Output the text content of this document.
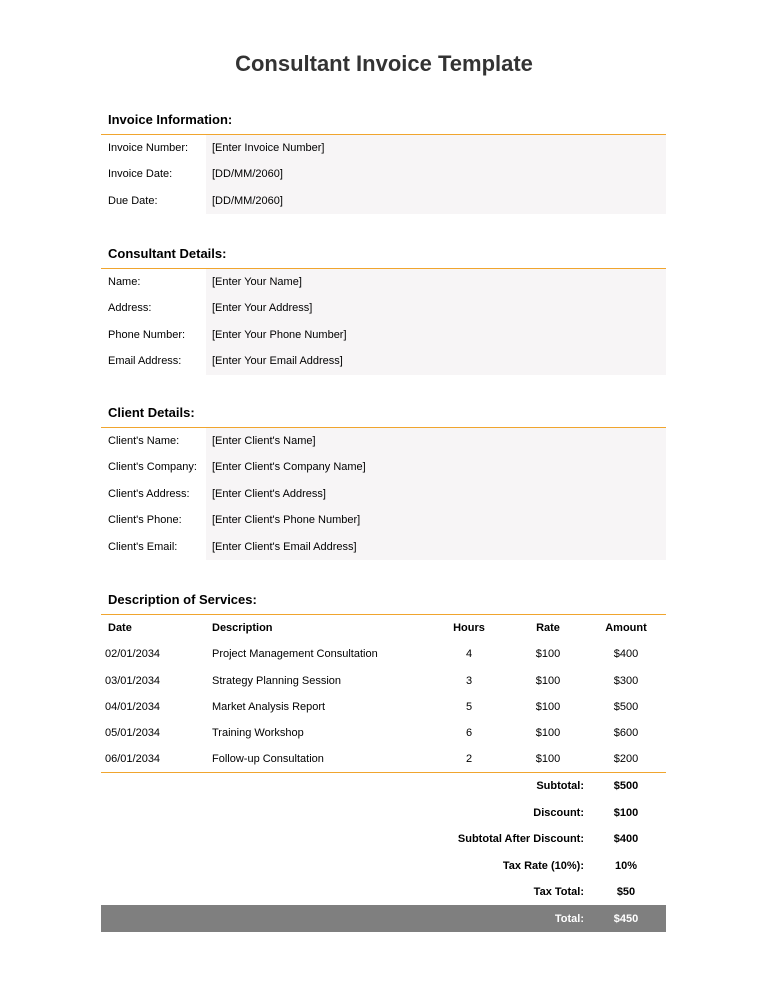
Consultant Invoice Template
Invoice Information:
Invoice Number: [Enter Invoice Number]
Invoice Date:	[DD/MM/2060]
Due Date:	[DD/MM/2060]
Consultant Details:
Name:	[Enter Your Name]
Address:	[Enter Your Address]
Phone Number: [Enter Your Phone Number]
Email Address:	[Enter Your Email Address]
Client Details:
Client's Name:	[Enter Client's Name]
Client's Company: [Enter Client's Company Name]
Client's Address: [Enter Client's Address]
Client's Phone:	[Enter Client's Phone Number]
Client's Email:	[Enter Client's Email Address]
Description of Services:
Date	Description	Hours	Rate	Amount
02/01/2034	Project Management Consultation	4	$100	$400
03/01/2034	Strategy Planning Session	3	$100	$300
04/01/2034	Market Analysis Report	5	$100	$500
05/01/2034	Training Workshop	6	$100	$600
06/01/2034	Follow-up Consultation	2	$100	$200
Subtotal:	$500
Discount:	$100
Subtotal After Discount:	$400
Tax Rate (10%):	10%
Tax Total:	$50
Total:	$450
